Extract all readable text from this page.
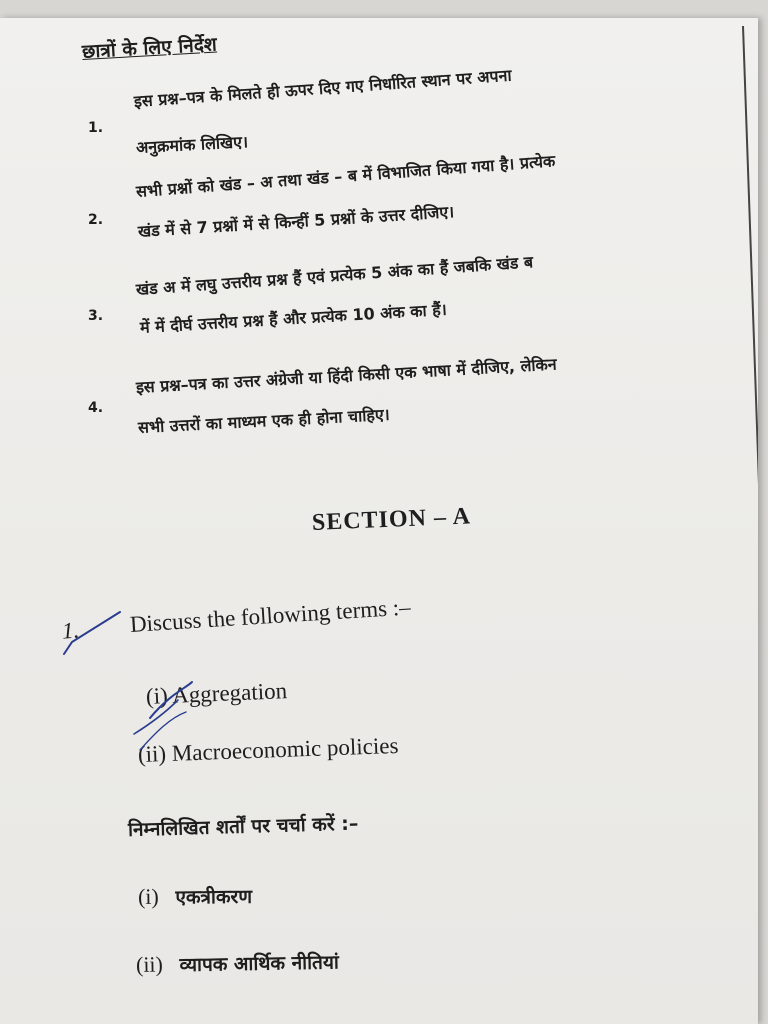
छात्रों के लिए निर्देश
1.
इस प्रश्न–पत्र के मिलते ही ऊपर दिए गए निर्धारित स्थान पर अपना
अनुक्रमांक लिखिए।
2.
सभी प्रश्नों को खंड – अ तथा खंड – ब में विभाजित किया गया है। प्रत्येक
खंड में से 7 प्रश्नों में से किन्हीं 5 प्रश्नों के उत्तर दीजिए।
3.
खंड अ में लघु उत्तरीय प्रश्न हैं एवं प्रत्येक 5 अंक का हैं जबकि खंड ब
में में दीर्घ उत्तरीय प्रश्न हैं और प्रत्येक 10 अंक का हैं।
4.
इस प्रश्न–पत्र का उत्तर अंग्रेजी या हिंदी किसी एक भाषा में दीजिए, लेकिन
सभी उत्तरों का माध्यम एक ही होना चाहिए।
SECTION – A
1. Discuss the following terms :–
(i) Aggregation
(ii) Macroeconomic policies
निम्नलिखित शर्तों पर चर्चा करें :–
(i) एकत्रीकरण
(ii) व्यापक आर्थिक नीतियां
